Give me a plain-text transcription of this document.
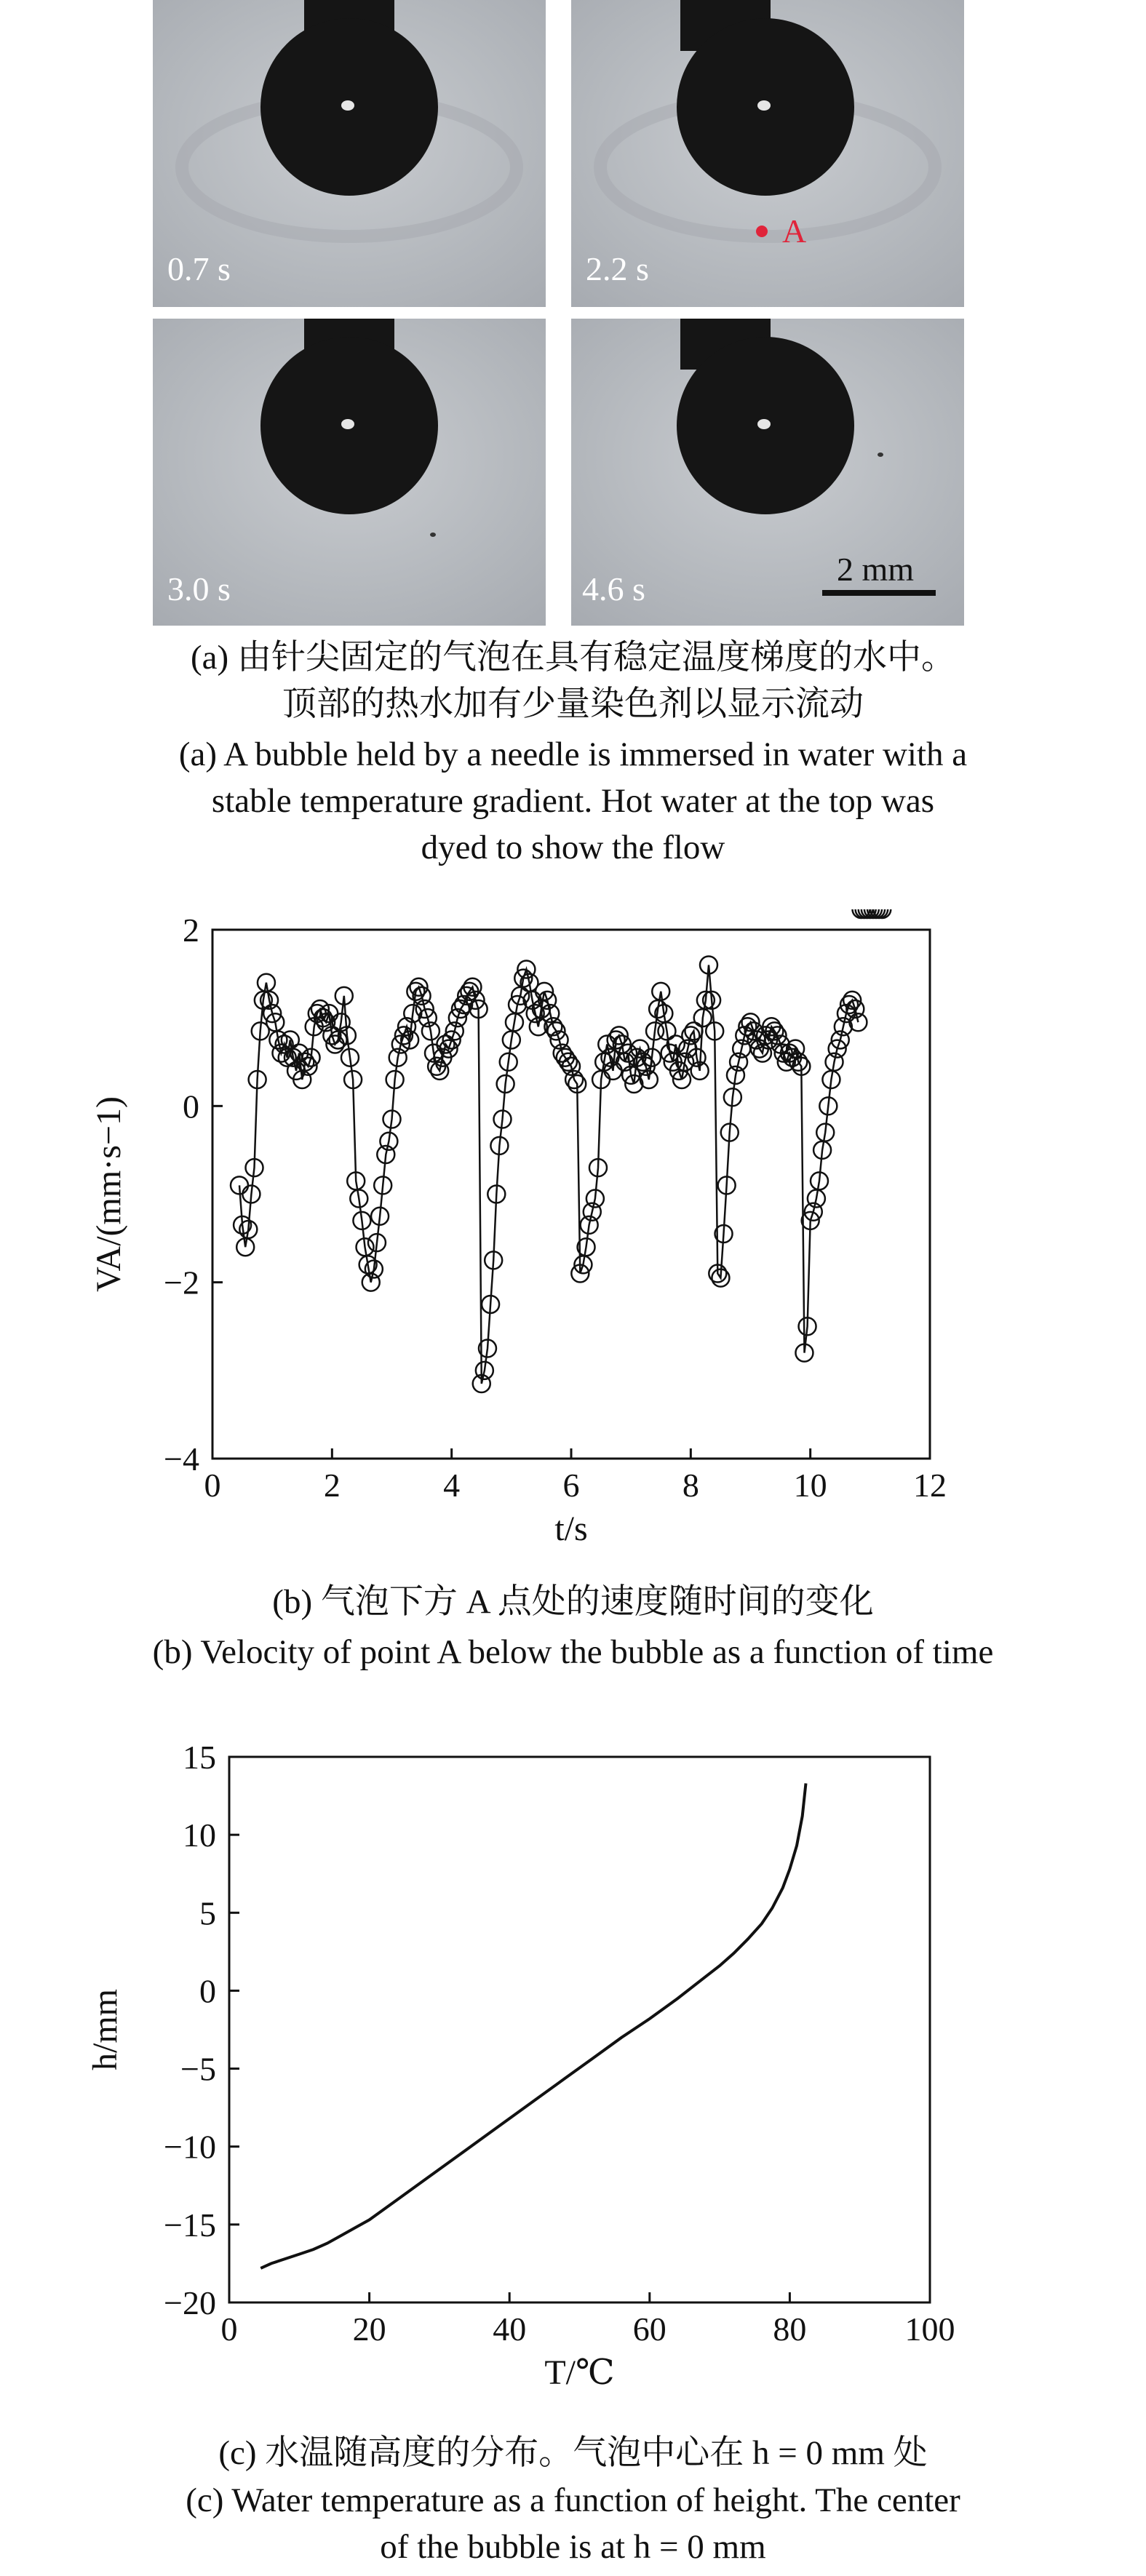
0.7 s
A
2.2 s
3.0 s	4.6 s
2 mm
(a) 由针尖固定的气泡在具有稳定温度梯度的水中。
顶部的热水加有少量染色剂以显示流动
(a) A bubble held by a needle is immersed in water with a
stable temperature gradient. Hot water at the top was
dyed to show the flow
0	2	4	6	8	10	12
−4
−2
0
2
t/s
VA/(mm·s−1)
(b) 气泡下方 A 点处的速度随时间的变化
(b) Velocity of point A below the bubble as a function of time
0	20	40	60	80	100
−20
−15
−10
−5
0
5
10
15
T/℃
h/mm
(c) 水温随高度的分布。气泡中心在 h = 0 mm 处
(c) Water temperature as a function of height. The center
of the bubble is at h = 0 mm
